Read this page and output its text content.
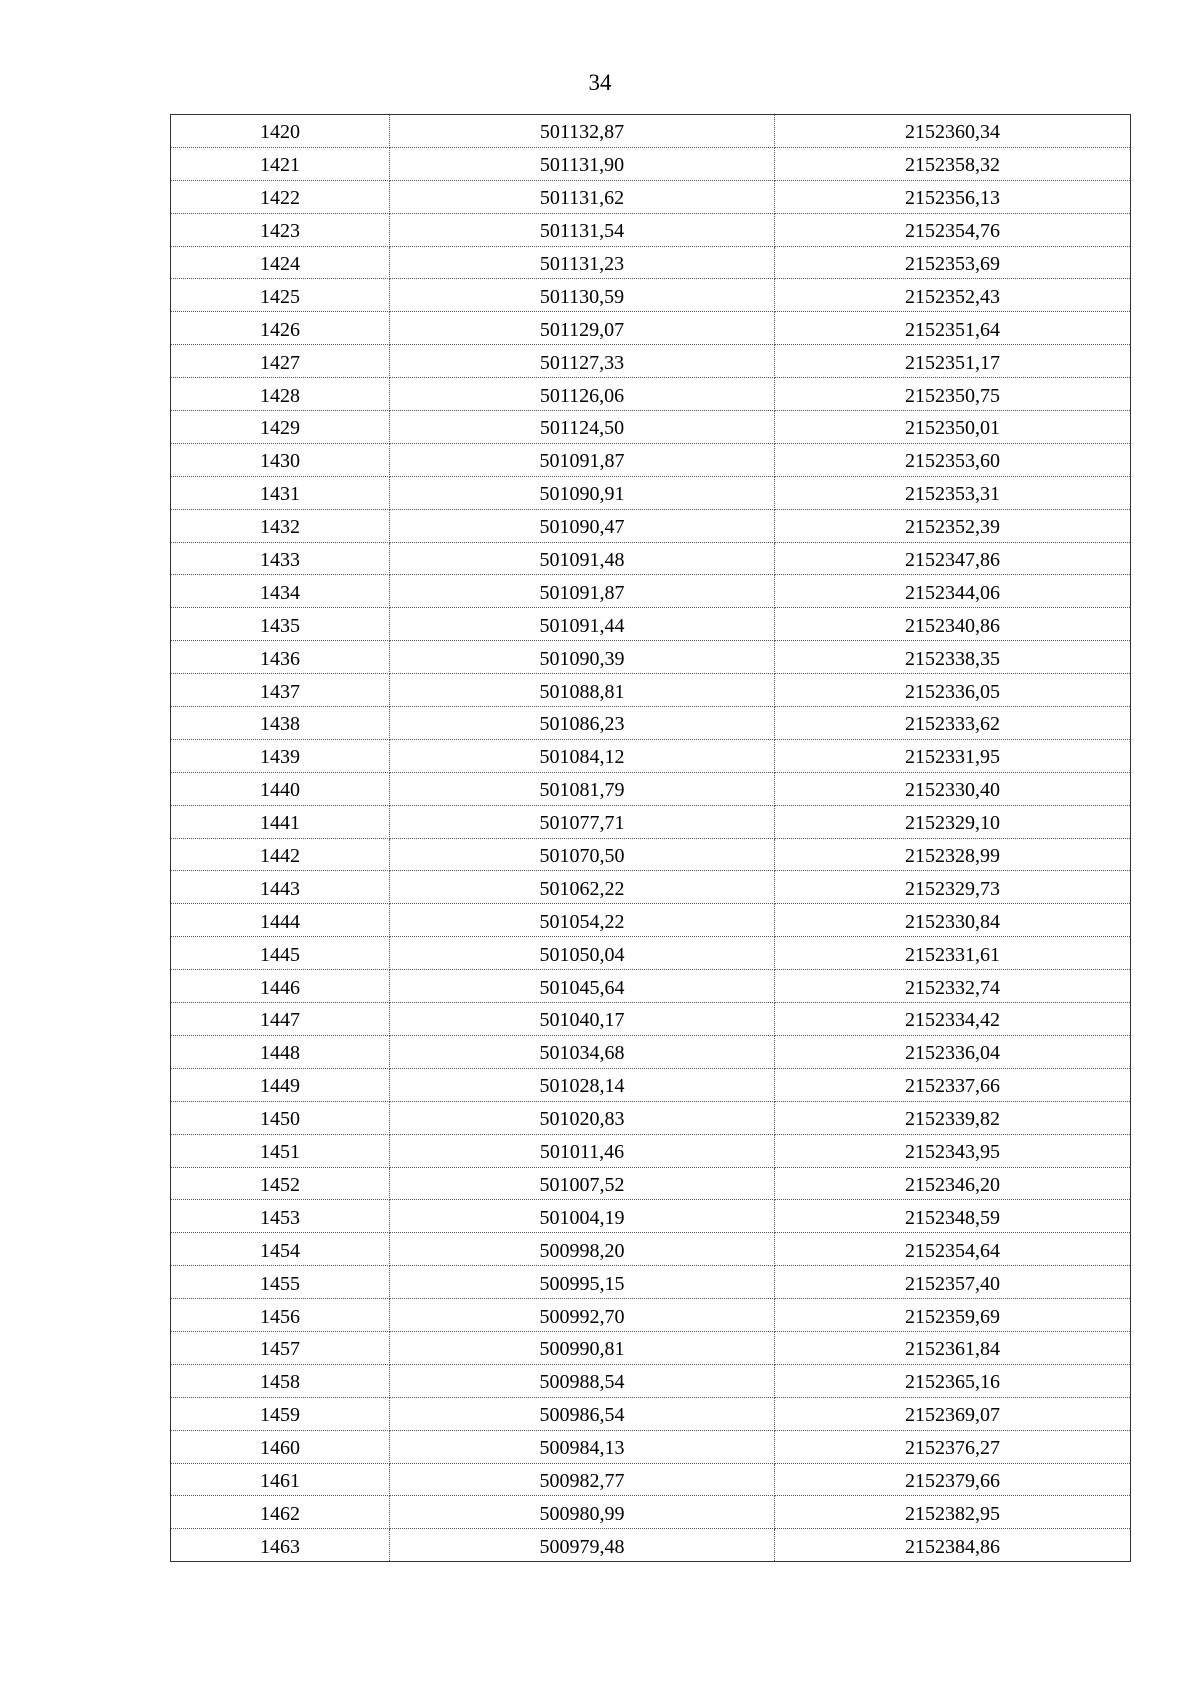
34
1420	501132,87	2152360,34
1421	501131,90	2152358,32
1422	501131,62	2152356,13
1423	501131,54	2152354,76
1424	501131,23	2152353,69
1425	501130,59	2152352,43
1426	501129,07	2152351,64
1427	501127,33	2152351,17
1428	501126,06	2152350,75
1429	501124,50	2152350,01
1430	501091,87	2152353,60
1431	501090,91	2152353,31
1432	501090,47	2152352,39
1433	501091,48	2152347,86
1434	501091,87	2152344,06
1435	501091,44	2152340,86
1436	501090,39	2152338,35
1437	501088,81	2152336,05
1438	501086,23	2152333,62
1439	501084,12	2152331,95
1440	501081,79	2152330,40
1441	501077,71	2152329,10
1442	501070,50	2152328,99
1443	501062,22	2152329,73
1444	501054,22	2152330,84
1445	501050,04	2152331,61
1446	501045,64	2152332,74
1447	501040,17	2152334,42
1448	501034,68	2152336,04
1449	501028,14	2152337,66
1450	501020,83	2152339,82
1451	501011,46	2152343,95
1452	501007,52	2152346,20
1453	501004,19	2152348,59
1454	500998,20	2152354,64
1455	500995,15	2152357,40
1456	500992,70	2152359,69
1457	500990,81	2152361,84
1458	500988,54	2152365,16
1459	500986,54	2152369,07
1460	500984,13	2152376,27
1461	500982,77	2152379,66
1462	500980,99	2152382,95
1463	500979,48	2152384,86
